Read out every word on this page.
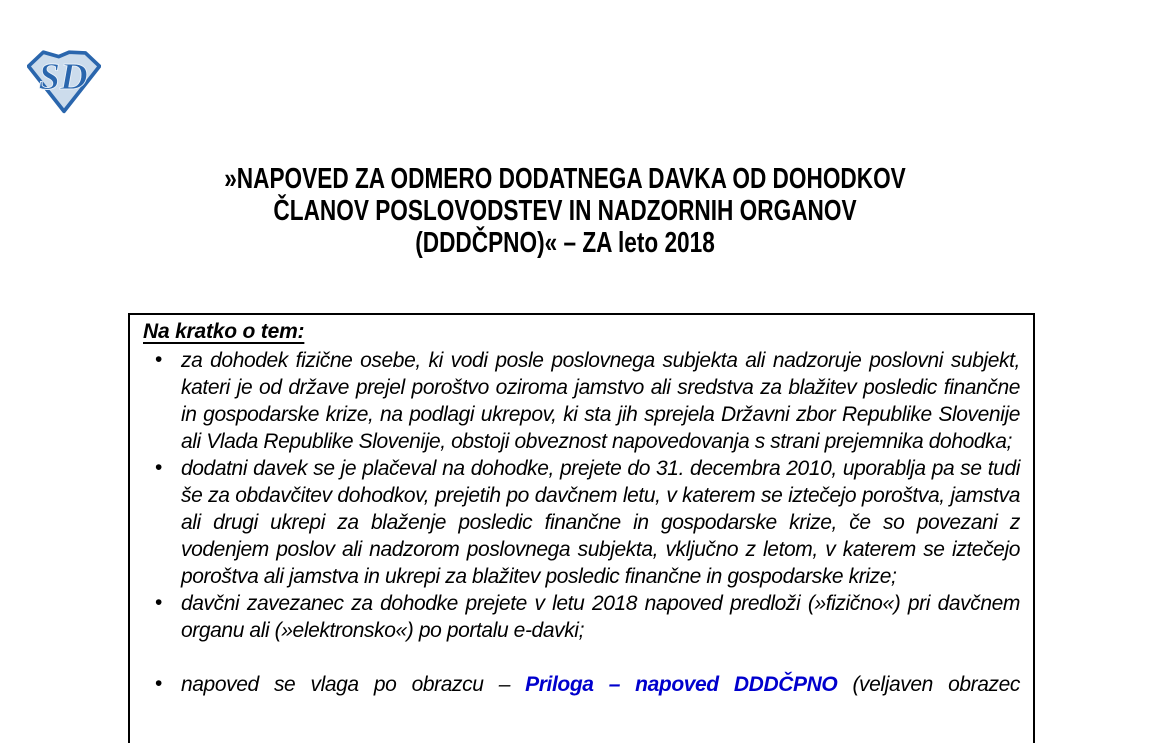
SD
»NAPOVED ZA ODMERO DODATNEGA DAVKA OD DOHODKOV
ČLANOV POSLOVODSTEV IN NADZORNIH ORGANOV
(DDDČPNO)« – ZA leto 2018
Na kratko o tem:
• za dohodek fizične osebe, ki vodi posle poslovnega subjekta ali nadzoruje poslovni subjekt, kateri je od države prejel poroštvo oziroma jamstvo ali sredstva za blažitev posledic finančne in gospodarske krize, na podlagi ukrepov, ki sta jih sprejela Državni zbor Republike Slovenije ali Vlada Republike Slovenije, obstoji obveznost napovedovanja s strani prejemnika dohodka;
• dodatni davek se je plačeval na dohodke, prejete do 31. decembra 2010, uporablja pa se tudi še za obdavčitev dohodkov, prejetih po davčnem letu, v katerem se iztečejo poroštva, jamstva ali drugi ukrepi za blaženje posledic finančne in gospodarske krize, če so povezani z vodenjem poslov ali nadzorom poslovnega subjekta, vključno z letom, v katerem se iztečejo poroštva ali jamstva in ukrepi za blažitev posledic finančne in gospodarske krize;
• davčni zavezanec za dohodke prejete v letu 2018 napoved predloži (»fizično«) pri davčnem organu ali (»elektronsko«) po portalu e-davki;
• napoved se vlaga po obrazcu – Priloga – napoved DDDČPNO (veljaven obrazec
